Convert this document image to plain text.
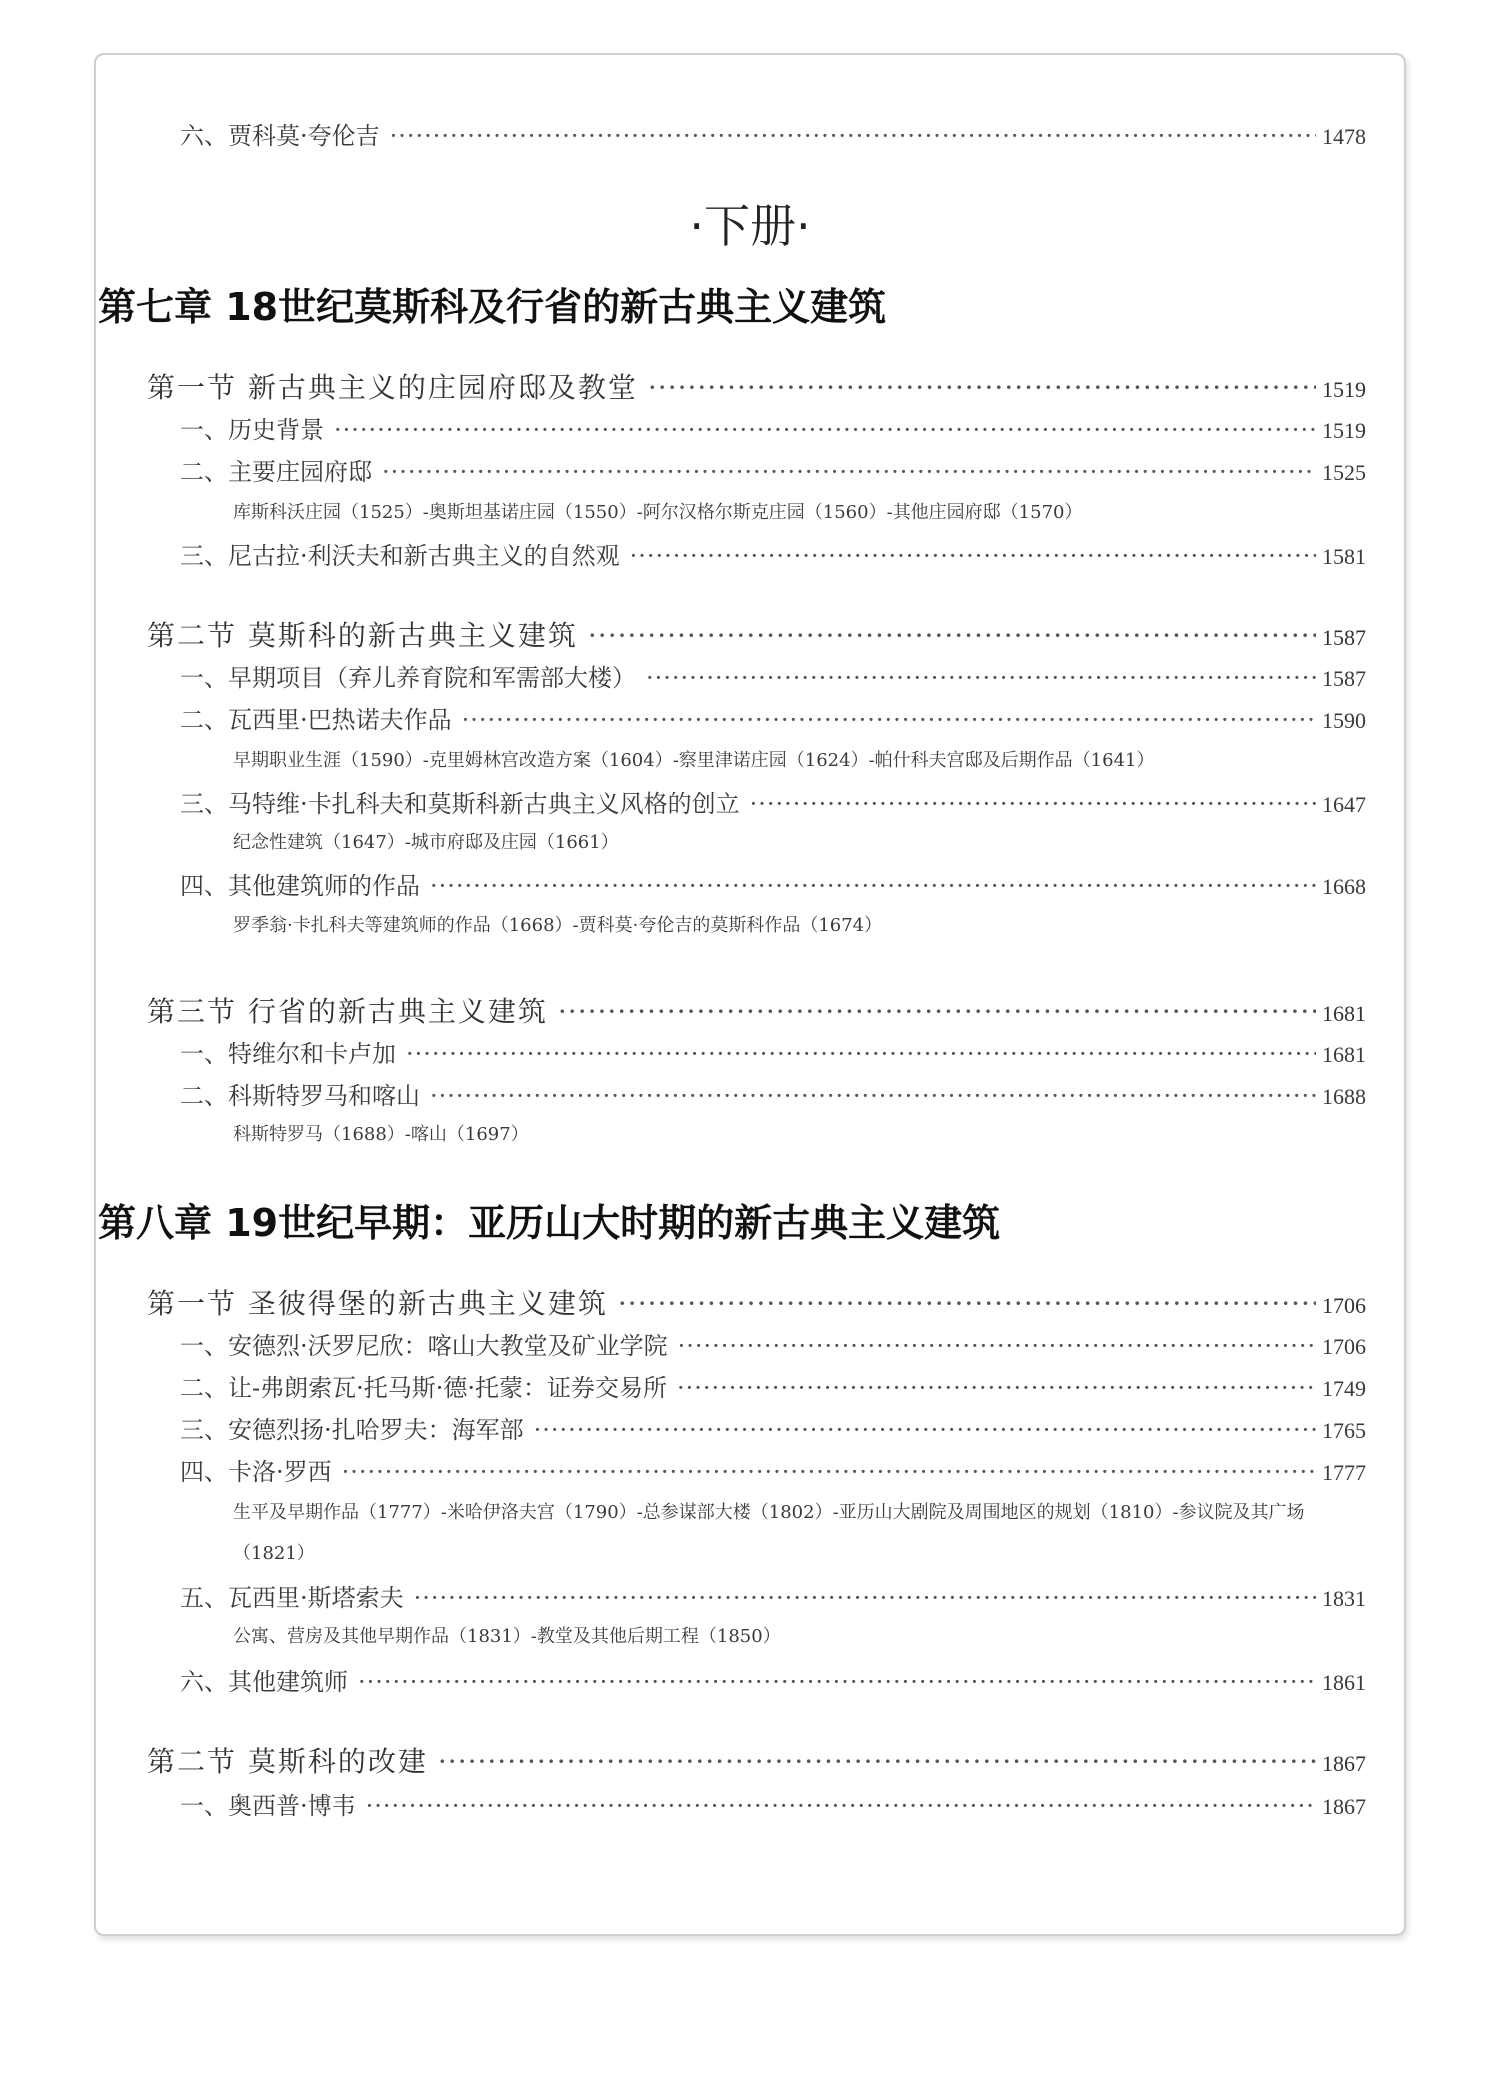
六、贾科莫·夸伦吉 ·····	1478
·下册·
第七章 18世纪莫斯科及行省的新古典主义建筑
第一节 新古典主义的庄园府邸及教堂 ·····	1519
一、历史背景 ·····	1519
二、主要庄园府邸 ·····	1525
库斯科沃庄园（1525）-奥斯坦基诺庄园（1550）-阿尔汉格尔斯克庄园（1560）-其他庄园府邸（1570）
三、尼古拉·利沃夫和新古典主义的自然观 ·····	1581
第二节 莫斯科的新古典主义建筑 ·····	1587
一、早期项目（弃儿养育院和军需部大楼） ·····	1587
二、瓦西里·巴热诺夫作品 ·····	1590
早期职业生涯（1590）-克里姆林宫改造方案（1604）-察里津诺庄园（1624）-帕什科夫宫邸及后期作品（1641）
三、马特维·卡扎科夫和莫斯科新古典主义风格的创立 ·····	1647
纪念性建筑（1647）-城市府邸及庄园（1661）
四、其他建筑师的作品 ·····	1668
罗季翁·卡扎科夫等建筑师的作品（1668）-贾科莫·夸伦吉的莫斯科作品（1674）
第三节 行省的新古典主义建筑 ·····	1681
一、特维尔和卡卢加 ·····	1681
二、科斯特罗马和喀山 ·····	1688
科斯特罗马（1688）-喀山（1697）
第八章 19世纪早期：亚历山大时期的新古典主义建筑
第一节 圣彼得堡的新古典主义建筑 ·····	1706
一、安德烈·沃罗尼欣：喀山大教堂及矿业学院 ·····	1706
二、让-弗朗索瓦·托马斯·德·托蒙：证券交易所 ·····	1749
三、安德烈扬·扎哈罗夫：海军部 ·····	1765
四、卡洛·罗西 ·····	1777
生平及早期作品（1777）-米哈伊洛夫宫（1790）-总参谋部大楼（1802）-亚历山大剧院及周围地区的规划（1810）-参议院及其广场（1821）
五、瓦西里·斯塔索夫 ·····	1831
公寓、营房及其他早期作品（1831）-教堂及其他后期工程（1850）
六、其他建筑师 ·····	1861
第二节 莫斯科的改建 ·····	1867
一、奥西普·博韦 ·····	1867
